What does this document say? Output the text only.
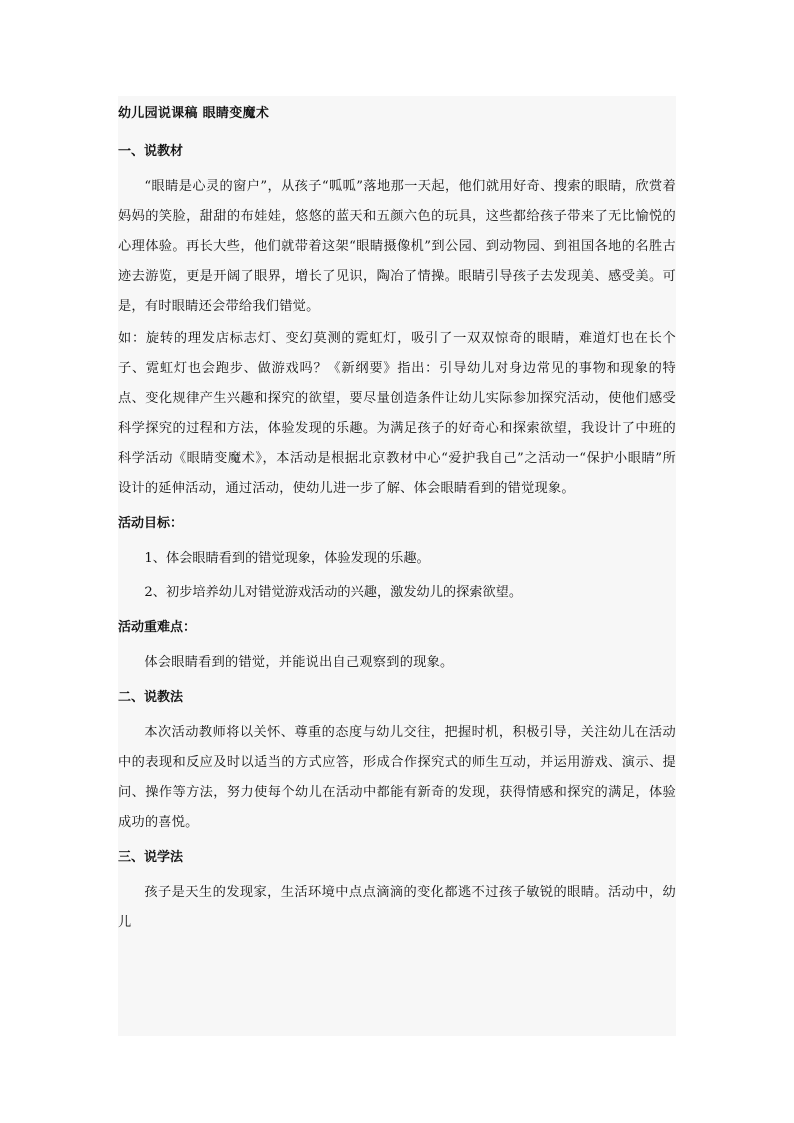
幼儿园说课稿 眼睛变魔术
一、说教材

“眼睛是心灵的窗户”，从孩子“呱呱”落地那一天起，他们就用好奇、搜索的眼睛，欣赏着妈妈的笑脸，甜甜的布娃娃，悠悠的蓝天和五颜六色的玩具，这些都给孩子带来了无比愉悦的心理体验。再长大些，他们就带着这架“眼睛摄像机”到公园、到动物园、到祖国各地的名胜古迹去游览，更是开阔了眼界，增长了见识，陶冶了情操。眼睛引导孩子去发现美、感受美。可是，有时眼睛还会带给我们错觉。

如：旋转的理发店标志灯、变幻莫测的霓虹灯，吸引了一双双惊奇的眼睛，难道灯也在长个子、霓虹灯也会跑步、做游戏吗？《新纲要》指出：引导幼儿对身边常见的事物和现象的特点、变化规律产生兴趣和探究的欲望，要尽量创造条件让幼儿实际参加探究活动，使他们感受科学探究的过程和方法，体验发现的乐趣。为满足孩子的好奇心和探索欲望，我设计了中班的科学活动《眼睛变魔术》，本活动是根据北京教材中心“爱护我自己”之活动一“保护小眼睛”所设计的延伸活动，通过活动，使幼儿进一步了解、体会眼睛看到的错觉现象。

活动目标：

1、体会眼睛看到的错觉现象，体验发现的乐趣。

2、初步培养幼儿对错觉游戏活动的兴趣，激发幼儿的探索欲望。

活动重难点：

体会眼睛看到的错觉，并能说出自己观察到的现象。

二、说教法

本次活动教师将以关怀、尊重的态度与幼儿交往，把握时机，积极引导，关注幼儿在活动中的表现和反应及时以适当的方式应答，形成合作探究式的师生互动，并运用游戏、演示、提问、操作等方法，努力使每个幼儿在活动中都能有新奇的发现，获得情感和探究的满足，体验成功的喜悦。

三、说学法

孩子是天生的发现家，生活环境中点点滴滴的变化都逃不过孩子敏锐的眼睛。活动中，幼儿
